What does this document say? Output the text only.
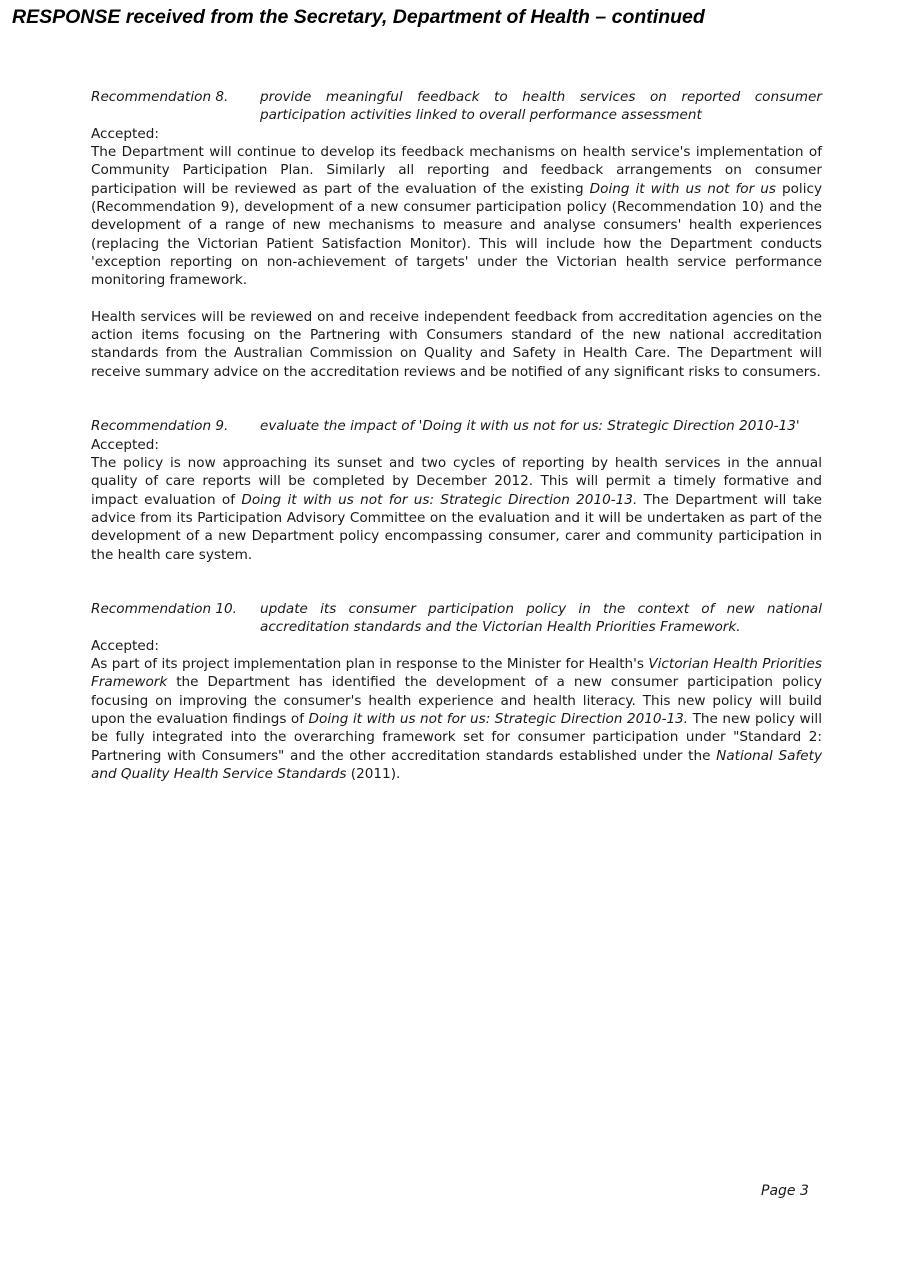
RESPONSE received from the Secretary, Department of Health – continued
Recommendation 8.	provide meaningful feedback to health services on reported consumer participation activities linked to overall performance assessment
Accepted:

The Department will continue to develop its feedback mechanisms on health service's implementation of Community Participation Plan. Similarly all reporting and feedback arrangements on consumer participation will be reviewed as part of the evaluation of the existing Doing it with us not for us policy (Recommendation 9), development of a new consumer participation policy (Recommendation 10) and the development of a range of new mechanisms to measure and analyse consumers' health experiences (replacing the Victorian Patient Satisfaction Monitor). This will include how the Department conducts 'exception reporting on non-achievement of targets' under the Victorian health service performance monitoring framework.

Health services will be reviewed on and receive independent feedback from accreditation agencies on the action items focusing on the Partnering with Consumers standard of the new national accreditation standards from the Australian Commission on Quality and Safety in Health Care. The Department will receive summary advice on the accreditation reviews and be notified of any significant risks to consumers.

Recommendation 9.	evaluate the impact of 'Doing it with us not for us: Strategic Direction 2010-13'
Accepted:

The policy is now approaching its sunset and two cycles of reporting by health services in the annual quality of care reports will be completed by December 2012. This will permit a timely formative and impact evaluation of Doing it with us not for us: Strategic Direction 2010-13. The Department will take advice from its Participation Advisory Committee on the evaluation and it will be undertaken as part of the development of a new Department policy encompassing consumer, carer and community participation in the health care system.

Recommendation 10.	update its consumer participation policy in the context of new national accreditation standards and the Victorian Health Priorities Framework.
Accepted:

As part of its project implementation plan in response to the Minister for Health's Victorian Health Priorities Framework the Department has identified the development of a new consumer participation policy focusing on improving the consumer's health experience and health literacy. This new policy will build upon the evaluation findings of Doing it with us not for us: Strategic Direction 2010-13. The new policy will be fully integrated into the overarching framework set for consumer participation under "Standard 2: Partnering with Consumers" and the other accreditation standards established under the National Safety and Quality Health Service Standards (2011).

Page 3
